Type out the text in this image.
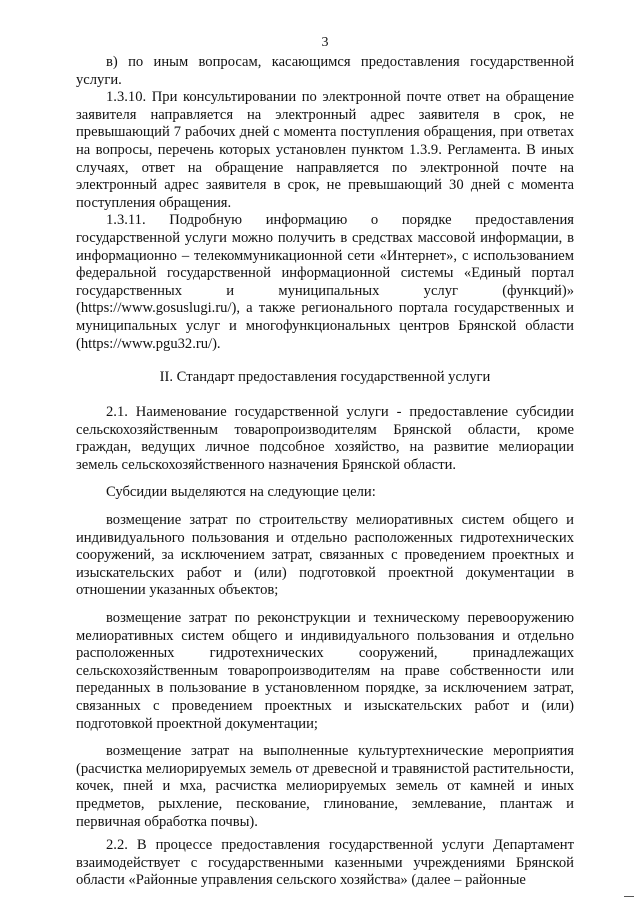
3

в) по иным вопросам, касающимся предоставления государственной услуги.

1.3.10. При консультировании по электронной почте ответ на обращение заявителя направляется на электронный адрес заявителя в срок, не превышающий 7 рабочих дней с момента поступления обращения, при ответах на вопросы, перечень которых установлен пунктом 1.3.9. Регламента. В иных случаях, ответ на обращение направляется по электронной почте на электронный адрес заявителя в срок, не превышающий 30 дней с момента поступления обращения.

1.3.11. Подробную информацию о порядке предоставления государственной услуги можно получить в средствах массовой информации, в информационно – телекоммуникационной сети «Интернет», с использованием федеральной государственной информационной системы «Единый портал государственных и муниципальных услуг (функций)» (https://www.gosuslugi.ru/), а также регионального портала государственных и муниципальных услуг и многофункциональных центров Брянской области (https://www.pgu32.ru/).

II. Стандарт предоставления государственной услуги

2.1. Наименование государственной услуги - предоставление субсидии сельскохозяйственным товаропроизводителям Брянской области, кроме граждан, ведущих личное подсобное хозяйство, на развитие мелиорации земель сельскохозяйственного назначения Брянской области.

Субсидии выделяются на следующие цели:

возмещение затрат по строительству мелиоративных систем общего и индивидуального пользования и отдельно расположенных гидротехнических сооружений, за исключением затрат, связанных с проведением проектных и изыскательских работ и (или) подготовкой проектной документации в отношении указанных объектов;

возмещение затрат по реконструкции и техническому перевооружению мелиоративных систем общего и индивидуального пользования и отдельно расположенных гидротехнических сооружений, принадлежащих сельскохозяйственным товаропроизводителям на праве собственности или переданных в пользование в установленном порядке, за исключением затрат, связанных с проведением проектных и изыскательских работ и (или) подготовкой проектной документации;

возмещение затрат на выполненные культуртехнические мероприятия (расчистка мелиорируемых земель от древесной и травянистой растительности, кочек, пней и мха, расчистка мелиорируемых земель от камней и иных предметов, рыхление, пескование, глинование, землевание, плантаж и первичная обработка почвы).

2.2. В процессе предоставления государственной услуги Департамент взаимодействует с государственными казенными учреждениями Брянской области «Районные управления сельского хозяйства» (далее – районные
